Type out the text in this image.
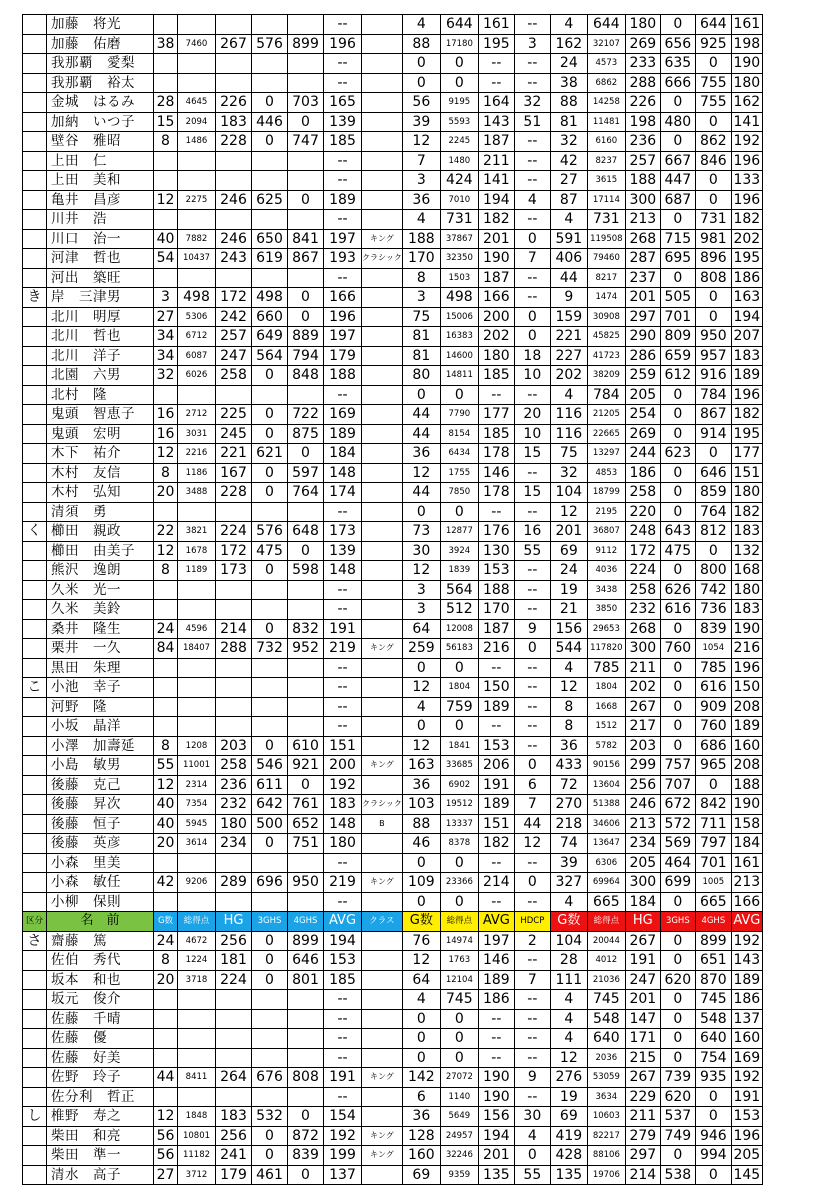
	加藤　将光						--		4	644	161	--	4	644	180	0	644	161
	加藤　佑磨	38	7460	267	576	899	196		88	17180	195	3	162	32107	269	656	925	198
	我那覇　愛梨						--		0	0	--	--	24	4573	233	635	0	190
	我那覇　裕太						--		0	0	--	--	38	6862	288	666	755	180
	金城　はるみ	28	4645	226	0	703	165		56	9195	164	32	88	14258	226	0	755	162
	加納　いつ子	15	2094	183	446	0	139		39	5593	143	51	81	11481	198	480	0	141
	壁谷　雅昭	8	1486	228	0	747	185		12	2245	187	--	32	6160	236	0	862	192
	上田　仁						--		7	1480	211	--	42	8237	257	667	846	196
	上田　美和						--		3	424	141	--	27	3615	188	447	0	133
	亀井　昌彦	12	2275	246	625	0	189		36	7010	194	4	87	17114	300	687	0	196
	川井　浩						--		4	731	182	--	4	731	213	0	731	182
	川口　治一	40	7882	246	650	841	197	キング	188	37867	201	0	591	119508	268	715	981	202
	河津　哲也	54	10437	243	619	867	193	クラシック	170	32350	190	7	406	79460	287	695	896	195
	河出　築旺						--		8	1503	187	--	44	8217	237	0	808	186
き	岸　三津男	3	498	172	498	0	166		3	498	166	--	9	1474	201	505	0	163
	北川　明厚	27	5306	242	660	0	196		75	15006	200	0	159	30908	297	701	0	194
	北川　哲也	34	6712	257	649	889	197		81	16383	202	0	221	45825	290	809	950	207
	北川　洋子	34	6087	247	564	794	179		81	14600	180	18	227	41723	286	659	957	183
	北園　六男	32	6026	258	0	848	188		80	14811	185	10	202	38209	259	612	916	189
	北村　隆						--		0	0	--	--	4	784	205	0	784	196
	鬼頭　智恵子	16	2712	225	0	722	169		44	7790	177	20	116	21205	254	0	867	182
	鬼頭　宏明	16	3031	245	0	875	189		44	8154	185	10	116	22665	269	0	914	195
	木下　祐介	12	2216	221	621	0	184		36	6434	178	15	75	13297	244	623	0	177
	木村　友信	8	1186	167	0	597	148		12	1755	146	--	32	4853	186	0	646	151
	木村　弘知	20	3488	228	0	764	174		44	7850	178	15	104	18799	258	0	859	180
	清須　勇						--		0	0	--	--	12	2195	220	0	764	182
く	櫛田　親政	22	3821	224	576	648	173		73	12877	176	16	201	36807	248	643	812	183
	櫛田　由美子	12	1678	172	475	0	139		30	3924	130	55	69	9112	172	475	0	132
	熊沢　逸朗	8	1189	173	0	598	148		12	1839	153	--	24	4036	224	0	800	168
	久米　光一						--		3	564	188	--	19	3438	258	626	742	180
	久米　美鈴						--		3	512	170	--	21	3850	232	616	736	183
	桑井　隆生	24	4596	214	0	832	191		64	12008	187	9	156	29653	268	0	839	190
	栗井　一久	84	18407	288	732	952	219	キング	259	56183	216	0	544	117820	300	760	1054	216
	黒田　朱理						--		0	0	--	--	4	785	211	0	785	196
こ	小池　幸子						--		12	1804	150	--	12	1804	202	0	616	150
	河野　隆						--		4	759	189	--	8	1668	267	0	909	208
	小坂　晶洋						--		0	0	--	--	8	1512	217	0	760	189
	小澤　加壽延	8	1208	203	0	610	151		12	1841	153	--	36	5782	203	0	686	160
	小島　敏男	55	11001	258	546	921	200	キング	163	33685	206	0	433	90156	299	757	965	208
	後藤　克己	12	2314	236	611	0	192		36	6902	191	6	72	13604	256	707	0	188
	後藤　昇次	40	7354	232	642	761	183	クラシック	103	19512	189	7	270	51388	246	672	842	190
	後藤　恒子	40	5945	180	500	652	148	B	88	13337	151	44	218	34606	213	572	711	158
	後藤　英彦	20	3614	234	0	751	180		46	8378	182	12	74	13647	234	569	797	184
	小森　里美						--		0	0	--	--	39	6306	205	464	701	161
	小森　敏任	42	9206	289	696	950	219	キング	109	23366	214	0	327	69964	300	699	1005	213
	小柳　保則						--		0	0	--	--	4	665	184	0	665	166
区分	名　前	G数	総得点	HG	3GHS	4GHS	AVG	クラス	G数	総得点	AVG	HDCP	G数	総得点	HG	3GHS	4GHS	AVG
さ	齋藤　篤	24	4672	256	0	899	194		76	14974	197	2	104	20044	267	0	899	192
	佐伯　秀代	8	1224	181	0	646	153		12	1763	146	--	28	4012	191	0	651	143
	坂本　和也	20	3718	224	0	801	185		64	12104	189	7	111	21036	247	620	870	189
	坂元　俊介						--		4	745	186	--	4	745	201	0	745	186
	佐藤　千晴						--		0	0	--	--	4	548	147	0	548	137
	佐藤　優						--		0	0	--	--	4	640	171	0	640	160
	佐藤　好美						--		0	0	--	--	12	2036	215	0	754	169
	佐野　玲子	44	8411	264	676	808	191	キング	142	27072	190	9	276	53059	267	739	935	192
	佐分利　哲正						--		6	1140	190	--	19	3634	229	620	0	191
し	椎野　寿之	12	1848	183	532	0	154		36	5649	156	30	69	10603	211	537	0	153
	柴田　和亮	56	10801	256	0	872	192	キング	128	24957	194	4	419	82217	279	749	946	196
	柴田　準一	56	11182	241	0	839	199	キング	160	32246	201	0	428	88106	297	0	994	205
	清水　高子	27	3712	179	461	0	137		69	9359	135	55	135	19706	214	538	0	145
